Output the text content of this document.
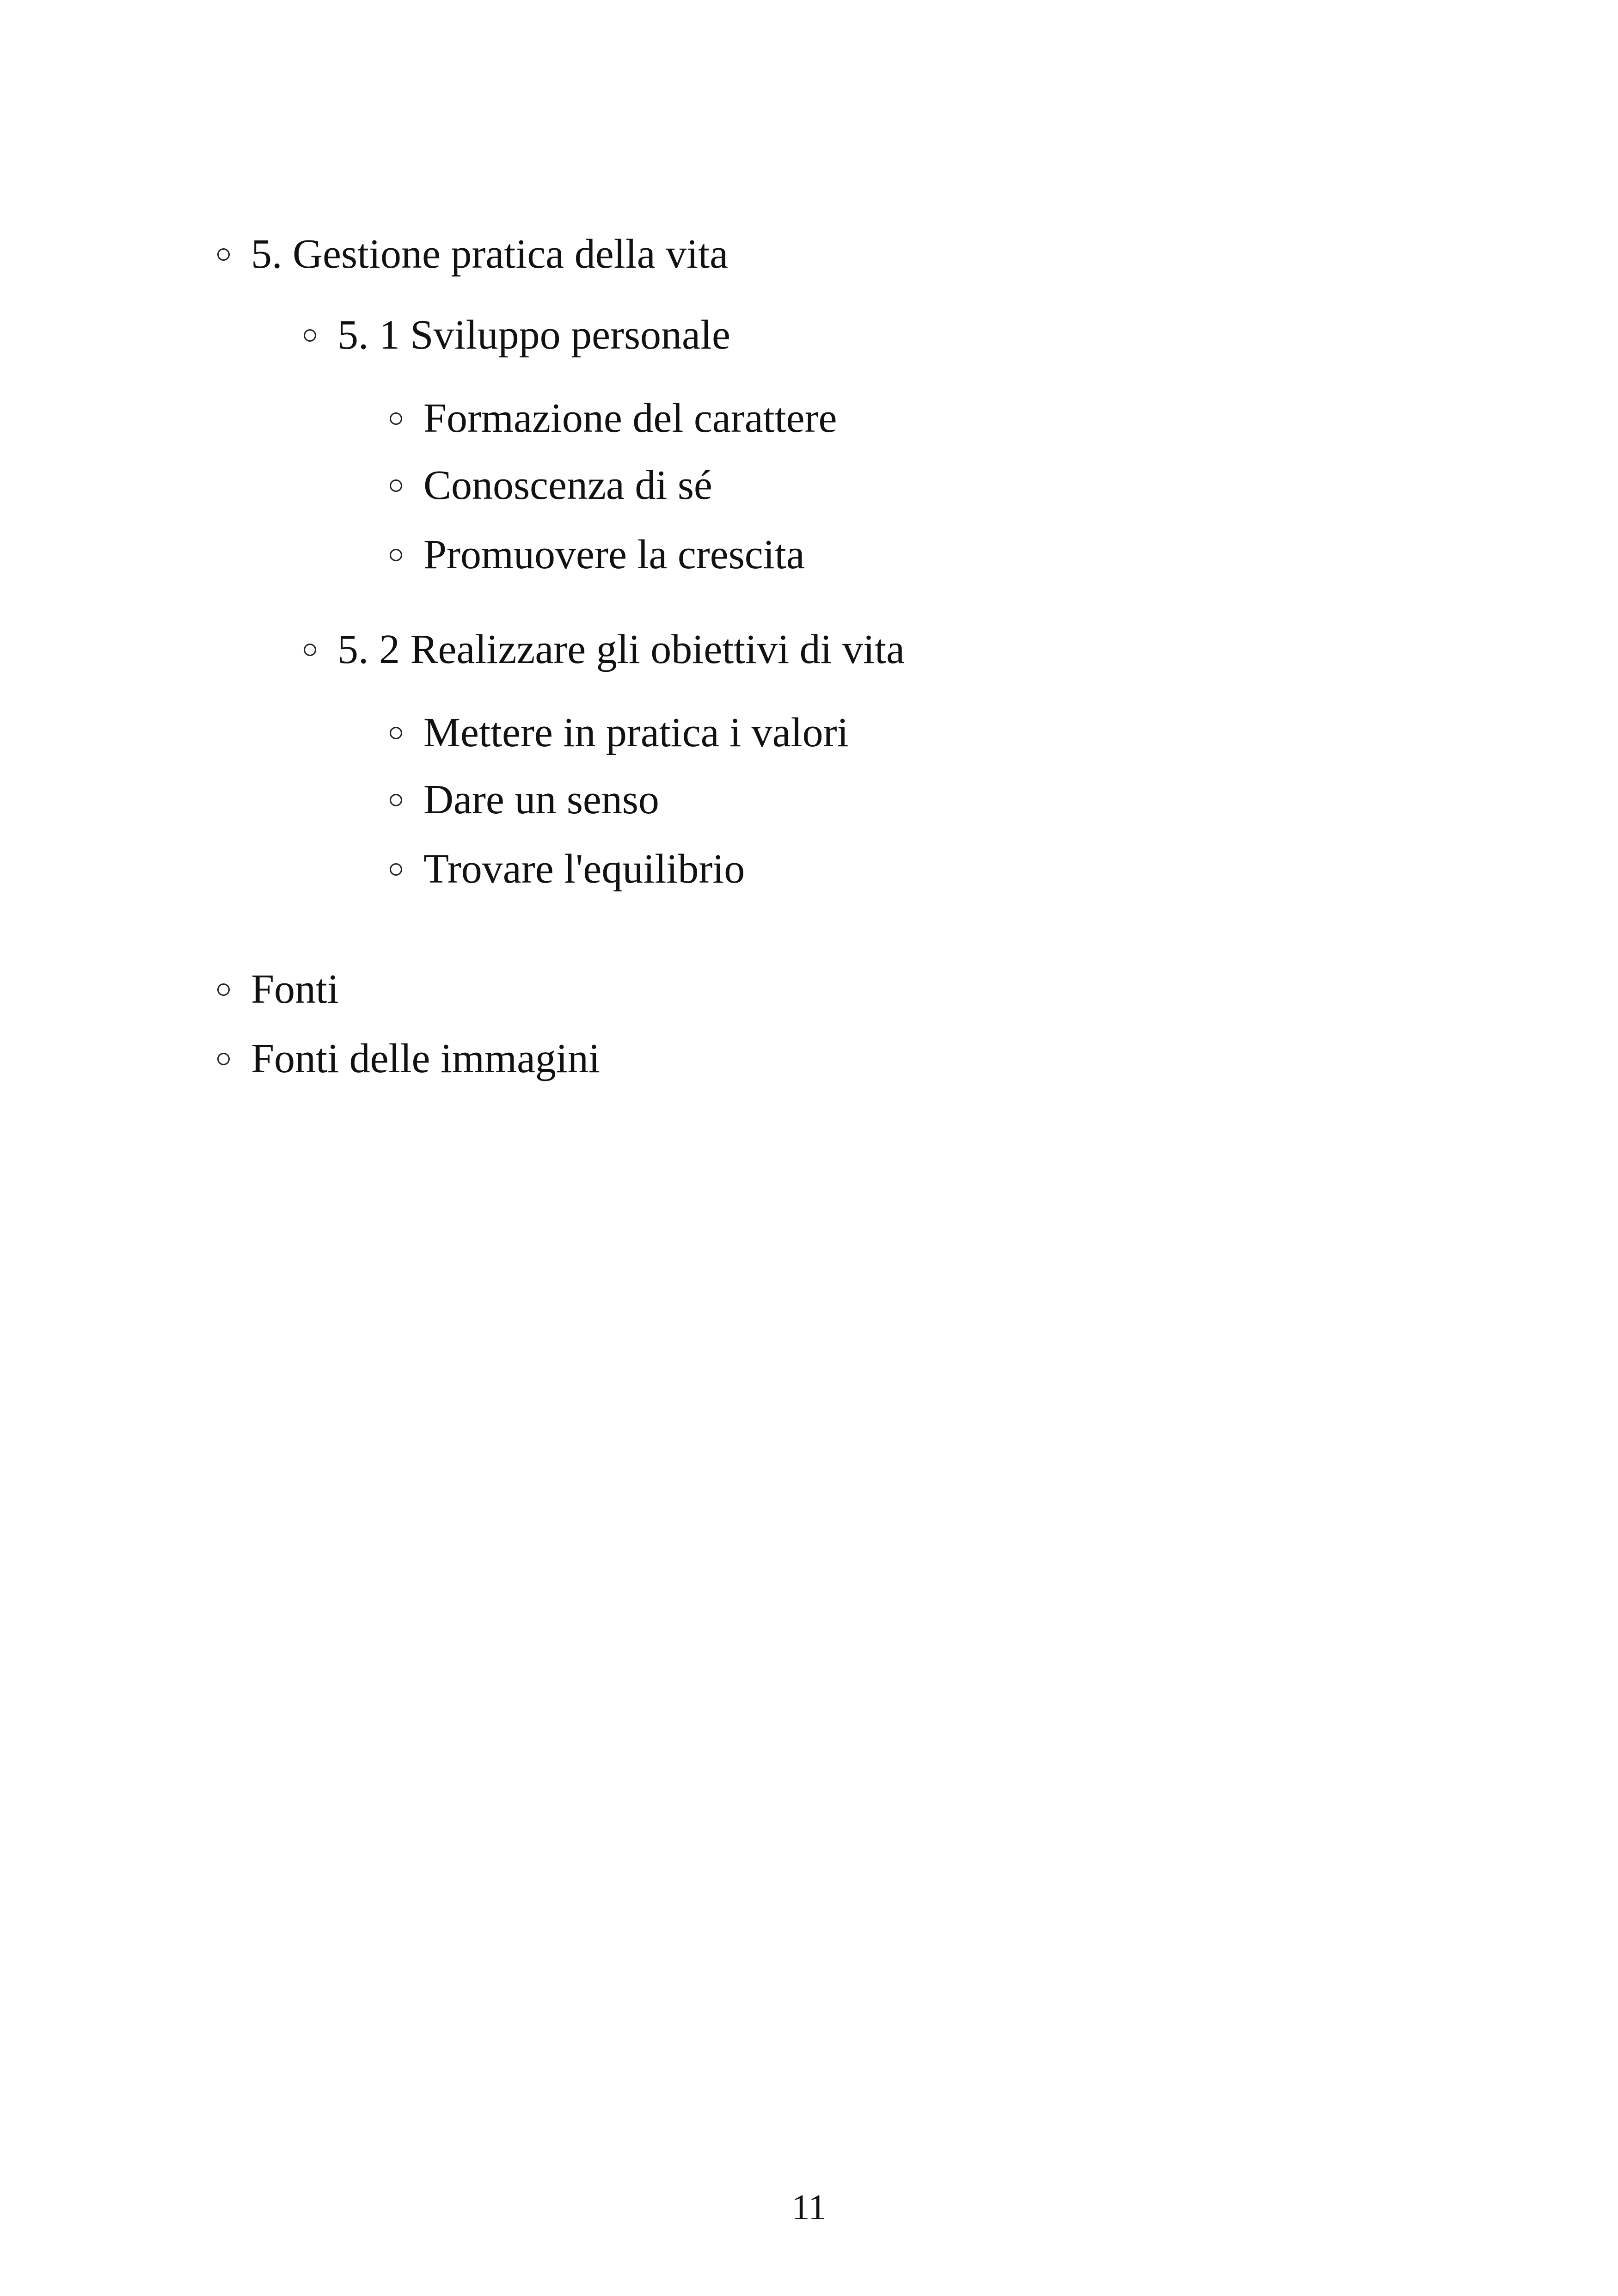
5. Gestione pratica della vita
5. 1 Sviluppo personale
Formazione del carattere
Conoscenza di sé
Promuovere la crescita
5. 2 Realizzare gli obiettivi di vita
Mettere in pratica i valori
Dare un senso
Trovare l'equilibrio
Fonti
Fonti delle immagini
11
